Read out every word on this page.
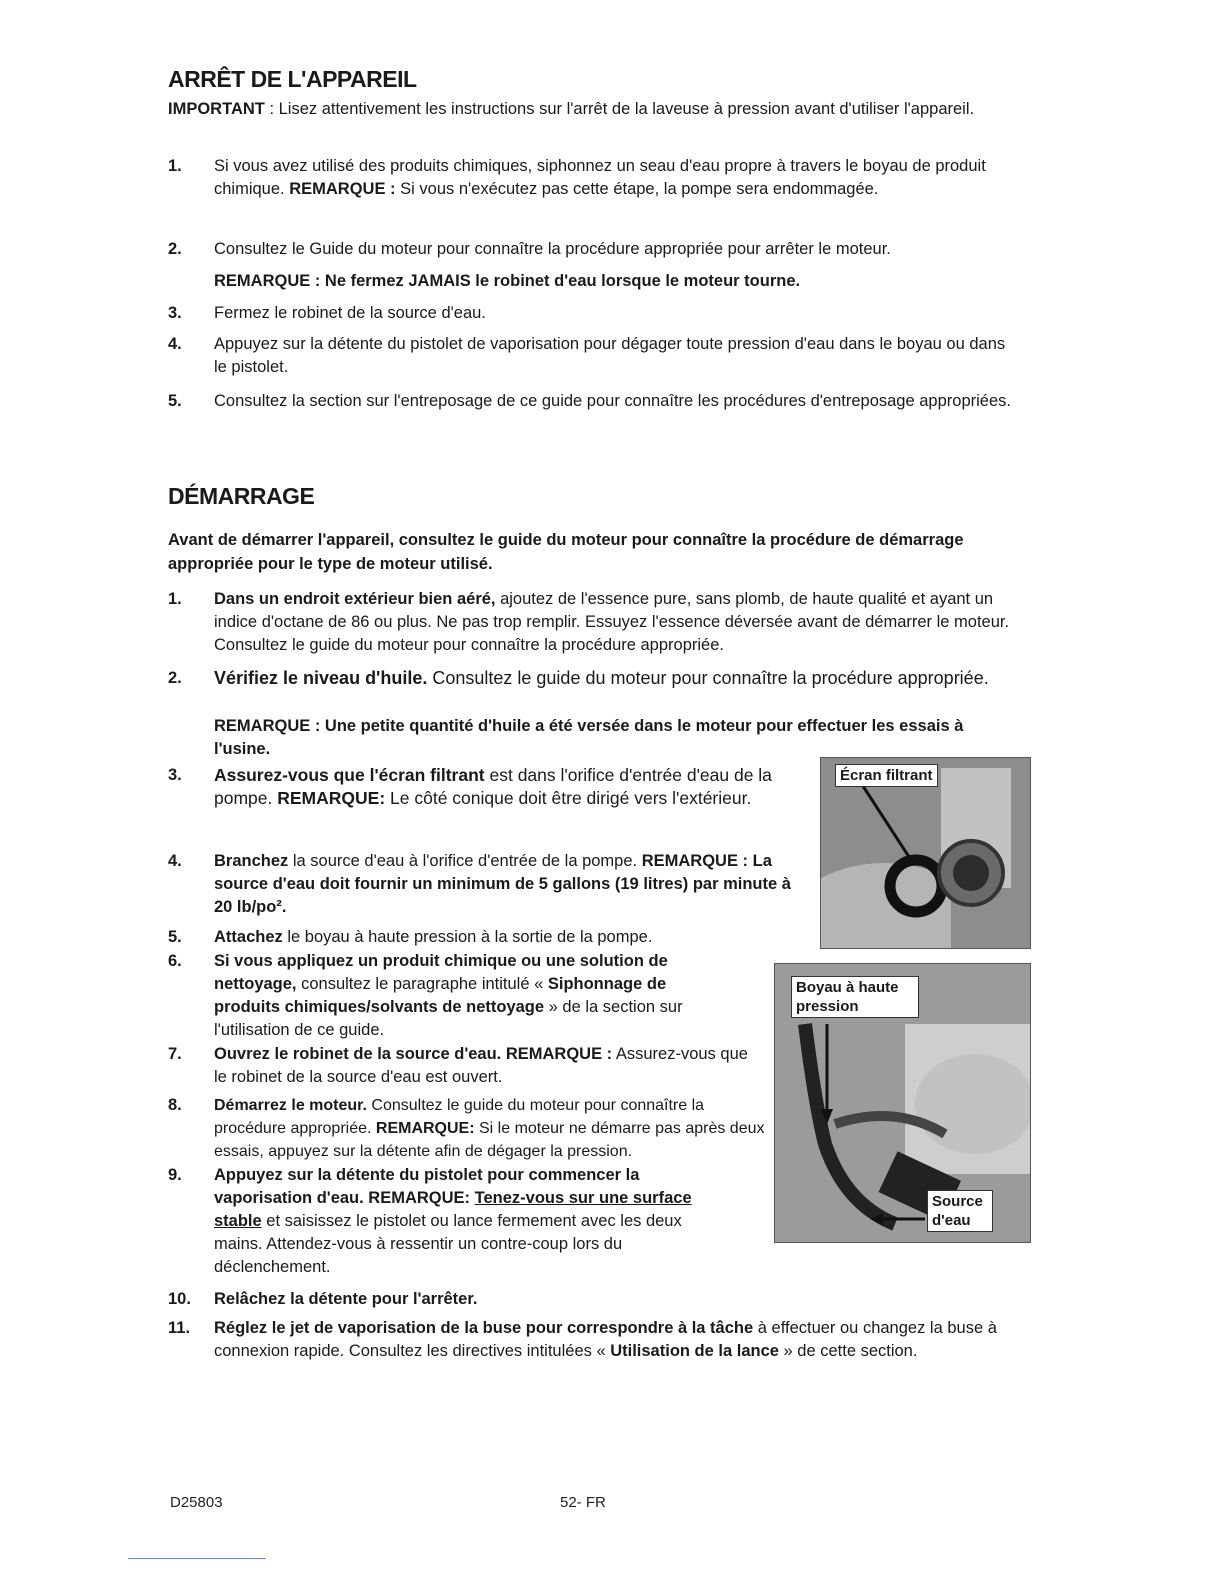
ARRÊT DE L'APPAREIL

IMPORTANT : Lisez attentivement les instructions sur l'arrêt de la laveuse à pression avant d'utiliser l'appareil.

1. Si vous avez utilisé des produits chimiques, siphonnez un seau d'eau propre à travers le boyau de produit chimique. REMARQUE : Si vous n'exécutez pas cette étape, la pompe sera endommagée.
2. Consultez le Guide du moteur pour connaître la procédure appropriée pour arrêter le moteur.
REMARQUE : Ne fermez JAMAIS le robinet d'eau lorsque le moteur tourne.
3. Fermez le robinet de la source d'eau.
4. Appuyez sur la détente du pistolet de vaporisation pour dégager toute pression d'eau dans le boyau ou dans le pistolet.
5. Consultez la section sur l'entreposage de ce guide pour connaître les procédures d'entreposage appropriées.
DÉMARRAGE

Avant de démarrer l'appareil, consultez le guide du moteur pour connaître la procédure de démarrage appropriée pour le type de moteur utilisé.

1. Dans un endroit extérieur bien aéré, ajoutez de l'essence pure, sans plomb, de haute qualité et ayant un indice d'octane de 86 ou plus. Ne pas trop remplir. Essuyez l'essence déversée avant de démarrer le moteur. Consultez le guide du moteur pour connaître la procédure appropriée.
2. Vérifiez le niveau d'huile. Consultez le guide du moteur pour connaître la procédure appropriée.
REMARQUE : Une petite quantité d'huile a été versée dans le moteur pour effectuer les essais à l'usine.
3. Assurez-vous que l'écran filtrant est dans l'orifice d'entrée d'eau de la pompe. REMARQUE: Le côté conique doit être dirigé vers l'extérieur.
4. Branchez la source d'eau à l'orifice d'entrée de la pompe. REMARQUE : La source d'eau doit fournir un minimum de 5 gallons (19 litres) par minute à 20 lb/po².
5. Attachez le boyau à haute pression à la sortie de la pompe.
6. Si vous appliquez un produit chimique ou une solution de nettoyage, consultez le paragraphe intitulé « Siphonnage de produits chimiques/solvants de nettoyage » de la section sur l'utilisation de ce guide.
7. Ouvrez le robinet de la source d'eau. REMARQUE : Assurez-vous que le robinet de la source d'eau est ouvert.
8. Démarrez le moteur. Consultez le guide du moteur pour connaître la procédure appropriée. REMARQUE: Si le moteur ne démarre pas après deux essais, appuyez sur la détente afin de dégager la pression.
9. Appuyez sur la détente du pistolet pour commencer la vaporisation d'eau. REMARQUE: Tenez-vous sur une surface stable et saisissez le pistolet ou lance fermement avec les deux mains. Attendez-vous à ressentir un contre-coup lors du déclenchement.
10. Relâchez la détente pour l'arrêter.
11. Réglez le jet de vaporisation de la buse pour correspondre à la tâche à effectuer ou changez la buse à connexion rapide. Consultez les directives intitulées « Utilisation de la lance » de cette section.
Écran filtrant
Boyau à haute pression
Source d'eau
D25803	52- FR
